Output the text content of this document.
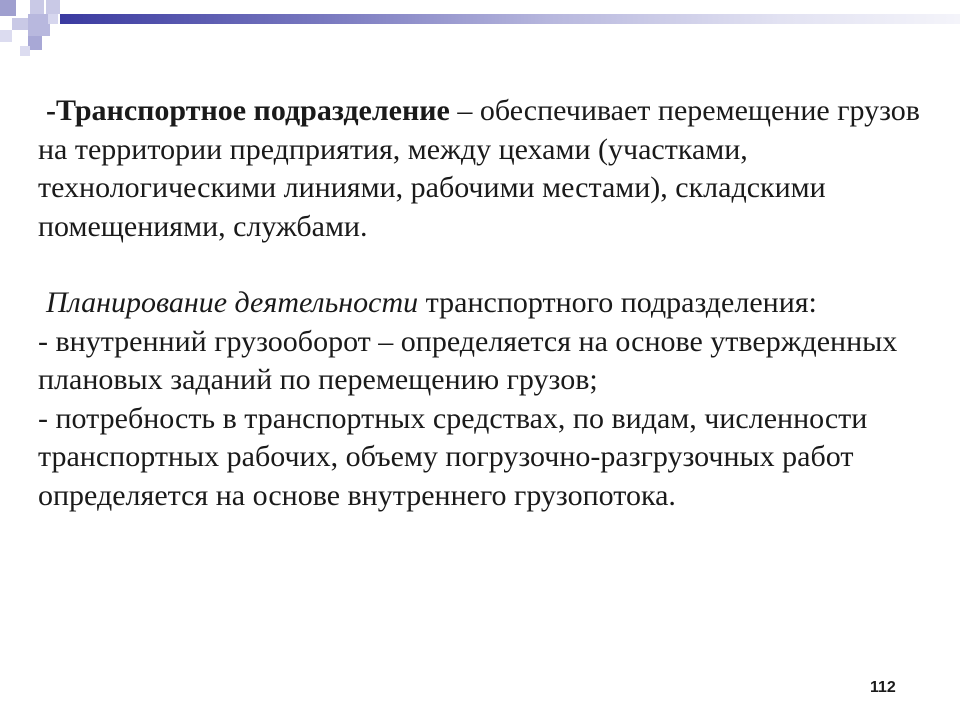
-Транспортное подразделение – обеспечивает перемещение грузов на территории предприятия, между цехами (участками, технологическими линиями, рабочими местами), складскими помещениями, службами.

Планирование деятельности транспортного подразделения:

- внутренний грузооборот – определяется на основе утвержденных плановых заданий по перемещению грузов;

- потребность в транспортных средствах, по видам, численности транспортных рабочих, объему погрузочно-разгрузочных работ определяется на основе внутреннего грузопотока.

112
